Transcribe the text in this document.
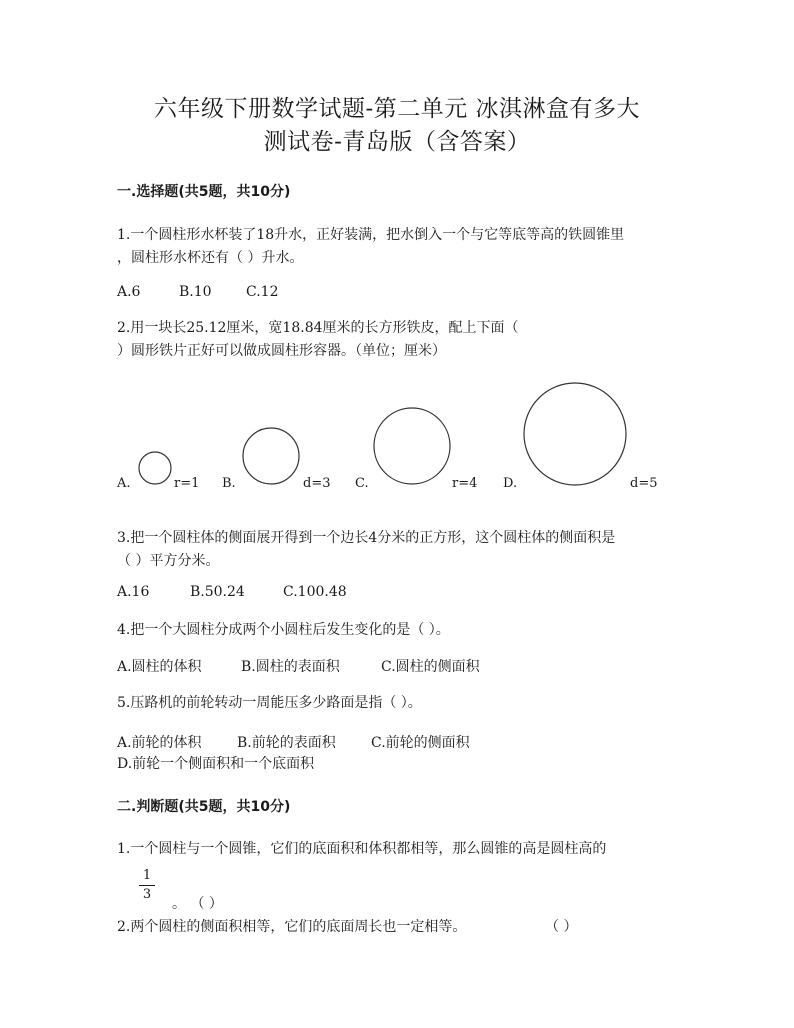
六年级下册数学试题-第二单元 冰淇淋盒有多大
测试卷-青岛版（含答案）
一.选择题(共5题，共10分)
1.一个圆柱形水杯装了18升水，正好装满，把水倒入一个与它等底等高的铁圆锥里
，圆柱形水杯还有（ ）升水。
A.6	B.10 C.12
2.用一块长25.12厘米，宽18.84厘米的长方形铁皮，配上下面（
）圆形铁片正好可以做成圆柱形容器。（单位；厘米）
A.	r=1 B.	d=3 C.	r=4 D.	d=5
3.把一个圆柱体的侧面展开得到一个边长4分米的正方形，这个圆柱体的侧面积是
（ ）平方分米。
A.16	B.50.24	C.100.48
4.把一个大圆柱分成两个小圆柱后发生变化的是（ ）。
A.圆柱的体积	B.圆柱的表面积	C.圆柱的侧面积
5.压路机的前轮转动一周能压多少路面是指（ ）。
A.前轮的体积	B.前轮的表面积	C.前轮的侧面积
D.前轮一个侧面积和一个底面积
二.判断题(共5题，共10分)
1.一个圆柱与一个圆锥，它们的底面积和体积都相等，那么圆锥的高是圆柱高的
1
3
。 （ ）
2.两个圆柱的侧面积相等，它们的底面周长也一定相等。	（ ）
